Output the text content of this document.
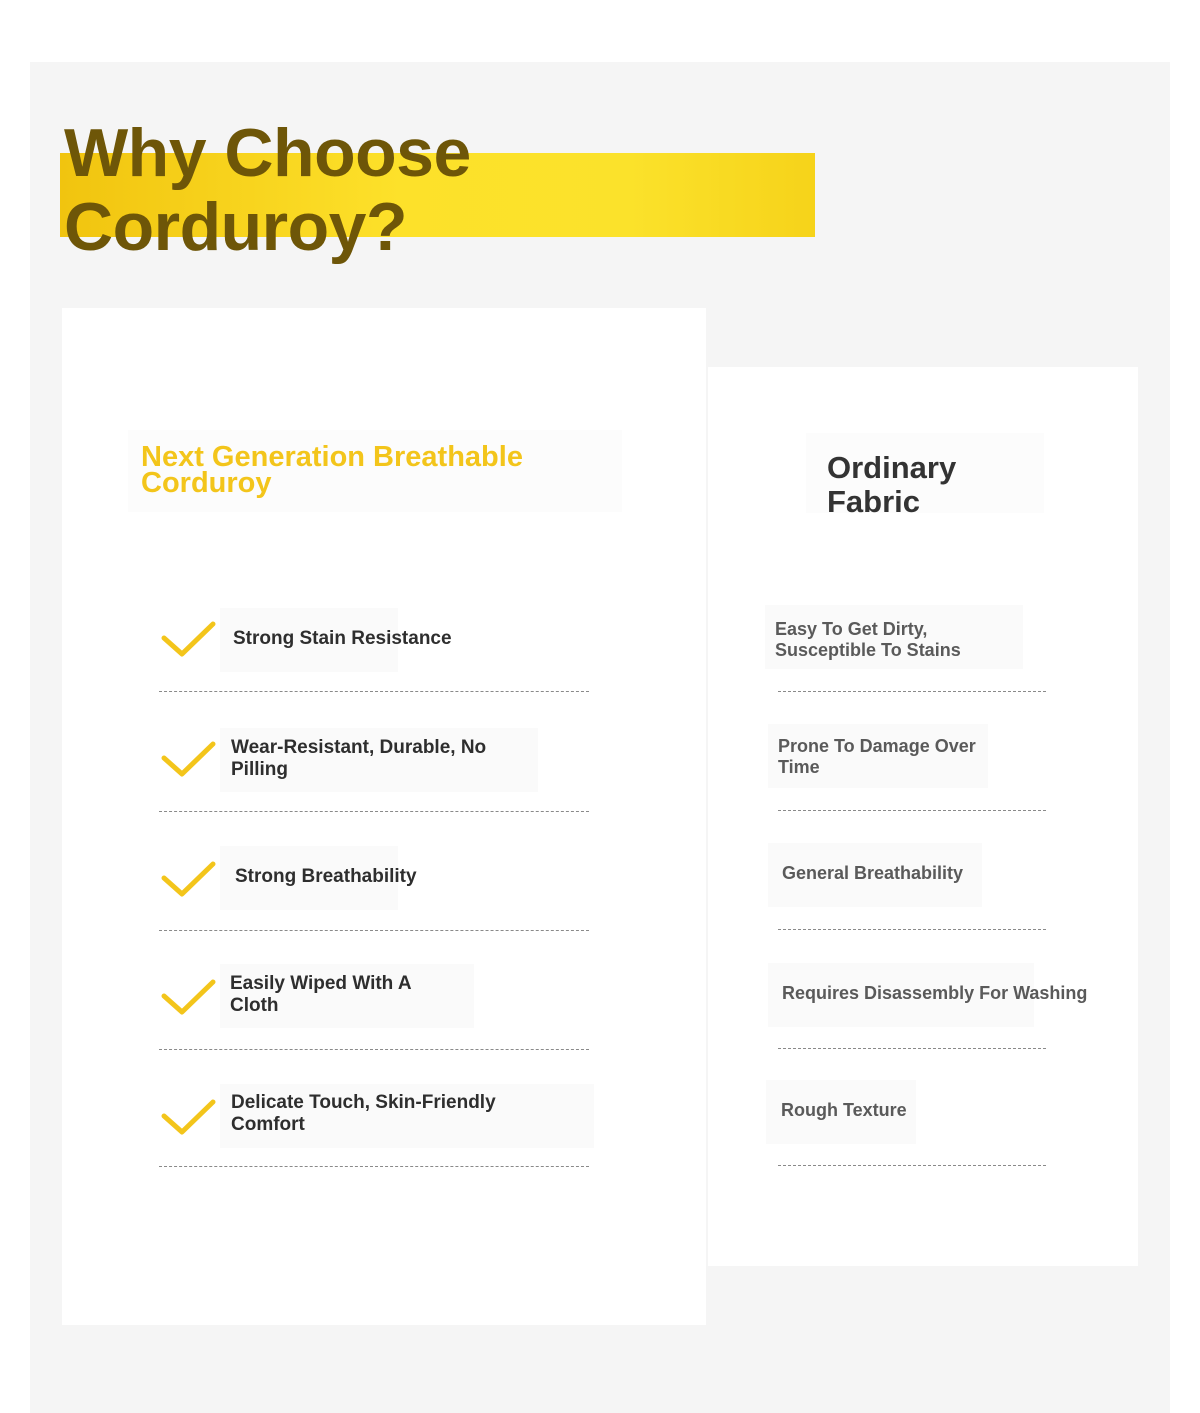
Why Choose Corduroy?
Next Generation Breathable Corduroy
Strong Stain Resistance
Wear-Resistant, Durable, No Pilling
Strong Breathability
Easily Wiped With A Cloth
Delicate Touch, Skin-Friendly Comfort
Ordinary Fabric
Easy To Get Dirty, Susceptible To Stains
Prone To Damage Over Time
General Breathability
Requires Disassembly For Washing
Rough Texture
